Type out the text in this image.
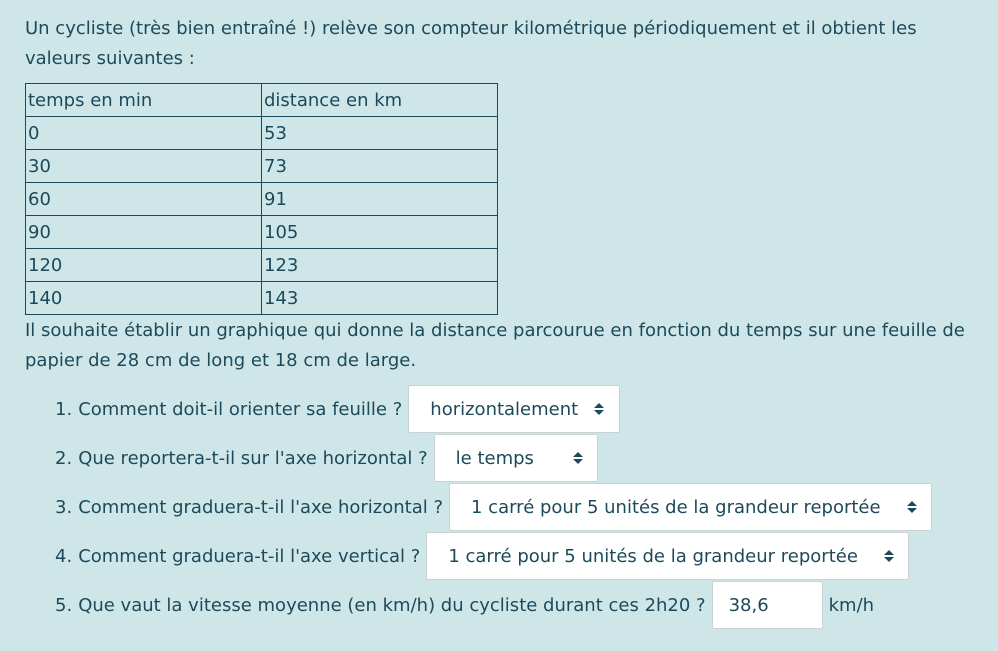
Un cycliste (très bien entraîné !) relève son compteur kilométrique périodiquement et il obtient les valeurs suivantes :

temps en min	distance en km
0	53
30	73
60	91
90	105
120	123
140	143

Il souhaite établir un graphique qui donne la distance parcourue en fonction du temps sur une feuille de papier de 28 cm de long et 18 cm de large.

1. Comment doit-il orienter sa feuille ? horizontalement
2. Que reportera-t-il sur l'axe horizontal ? le temps
3. Comment graduera-t-il l'axe horizontal ? 1 carré pour 5 unités de la grandeur reportée
4. Comment graduera-t-il l'axe vertical ? 1 carré pour 5 unités de la grandeur reportée
5. Que vaut la vitesse moyenne (en km/h) du cycliste durant ces 2h20 ?
38,6	km/h
